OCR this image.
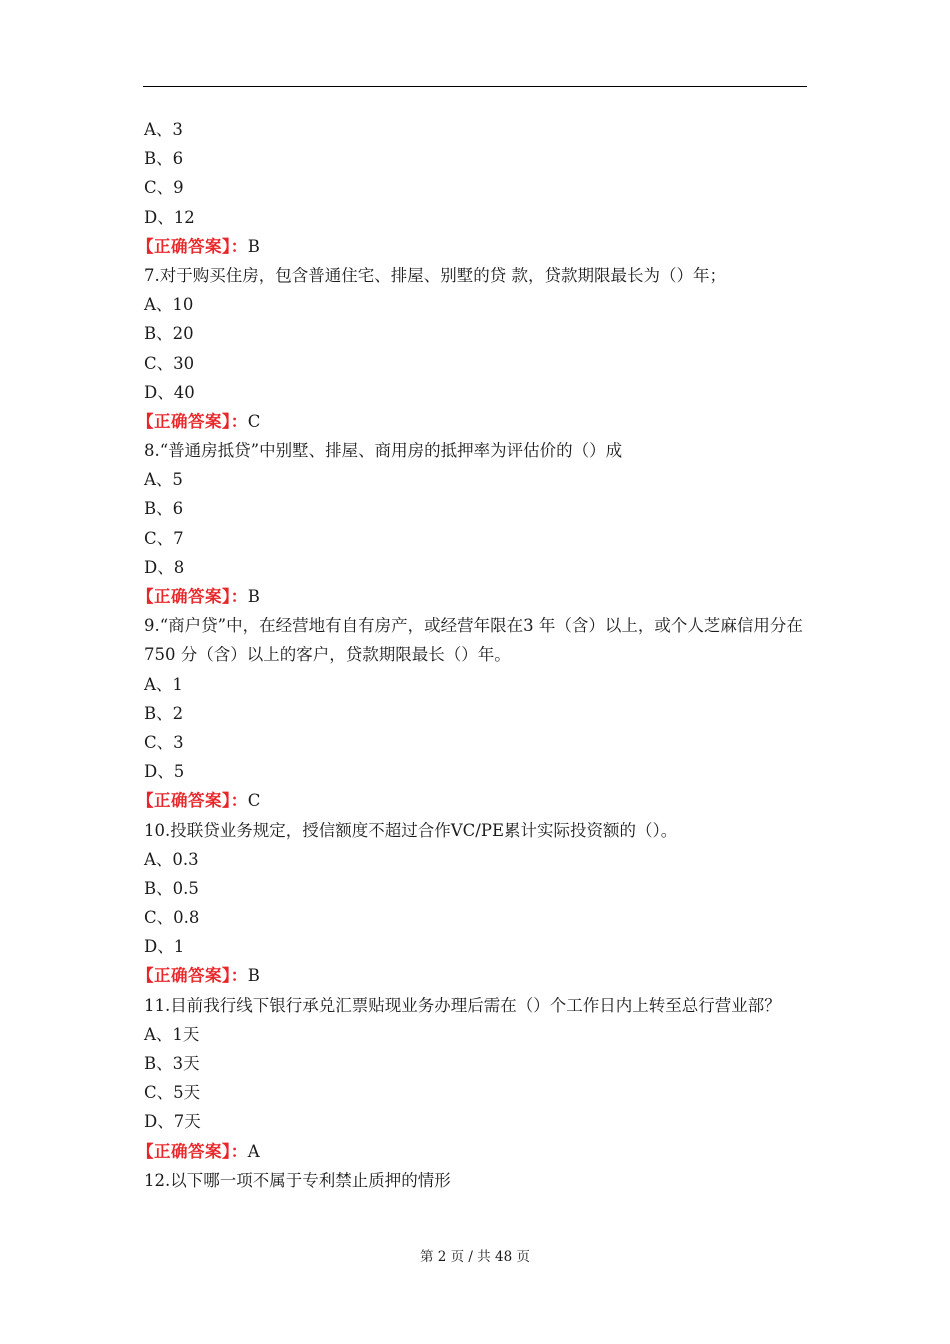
A、3
B、6
C、9
D、12
【正确答案】：B
7.对于购买住房，包含普通住宅、排屋、别墅的贷 款，贷款期限最长为（）年；
A、10
B、20
C、30
D、40
【正确答案】：C
8.“普通房抵贷”中别墅、排屋、商用房的抵押率为评估价的（）成
A、5
B、6
C、7
D、8
【正确答案】：B
9.“商户贷”中，在经营地有自有房产，或经营年限在3 年（含）以上，或个人芝麻信用分在750 分（含）以上的客户，贷款期限最长（）年。
A、1
B、2
C、3
D、5
【正确答案】：C
10.投联贷业务规定，授信额度不超过合作VC/PE累计实际投资额的（）。
A、0.3
B、0.5
C、0.8
D、1
【正确答案】：B
11.目前我行线下银行承兑汇票贴现业务办理后需在（）个工作日内上转至总行营业部？
A、1天
B、3天
C、5天
D、7天
【正确答案】：A
12.以下哪一项不属于专利禁止质押的情形
第 2 页 / 共 48 页
